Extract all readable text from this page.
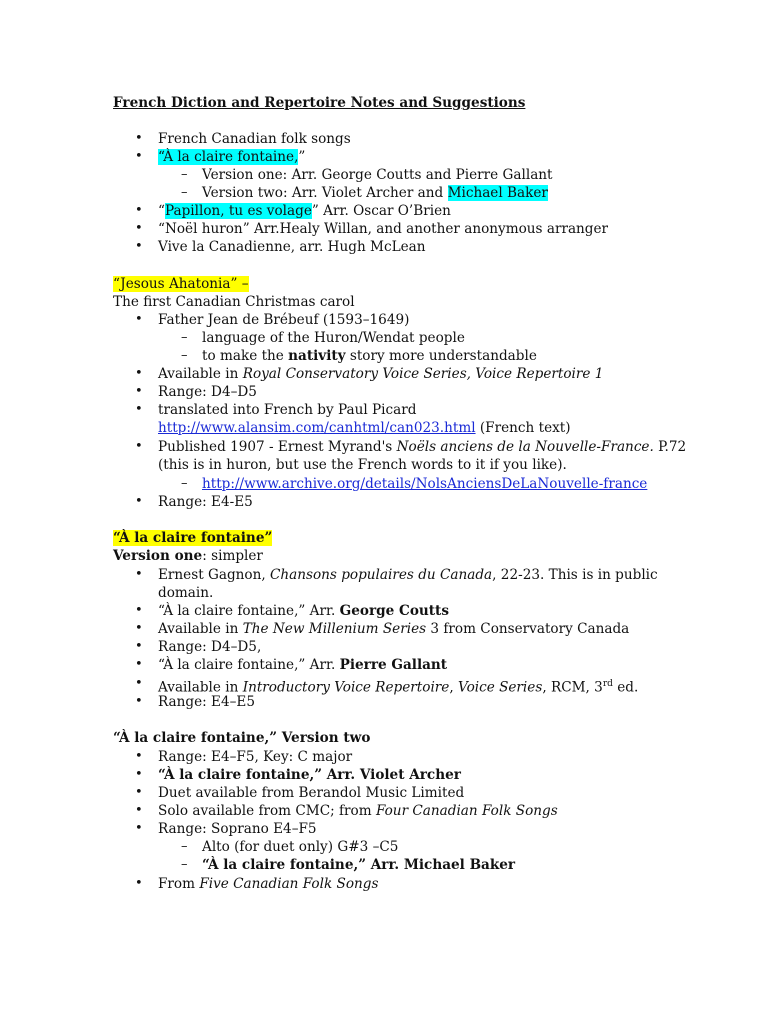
French Diction and Repertoire Notes and Suggestions
• French Canadian folk songs
• “À la claire fontaine,”
– Version one: Arr. George Coutts and Pierre Gallant
– Version two: Arr. Violet Archer and Michael Baker
• “Papillon, tu es volage” Arr. Oscar O’Brien
• “Noël huron” Arr.Healy Willan, and another anonymous arranger
• Vive la Canadienne, arr. Hugh McLean
“Jesous Ahatonia” –
The first Canadian Christmas carol
• Father Jean de Brébeuf (1593–1649)
– language of the Huron/Wendat people
– to make the nativity story more understandable
• Available in Royal Conservatory Voice Series, Voice Repertoire 1
• Range: D4–D5
• translated into French by Paul Picard
http://www.alansim.com/canhtml/can023.html (French text)
• Published 1907 - Ernest Myrand's Noëls anciens de la Nouvelle-France. P.72
(this is in huron, but use the French words to it if you like).
– http://www.archive.org/details/NolsAnciensDeLaNouvelle-france
• Range: E4-E5
“À la claire fontaine”
Version one: simpler
• Ernest Gagnon, Chansons populaires du Canada, 22-23. This is in public
domain.
• “À la claire fontaine,” Arr. George Coutts
• Available in The New Millenium Series 3 from Conservatory Canada
• Range: D4–D5,
• “À la claire fontaine,” Arr. Pierre Gallant
• Available in Introductory Voice Repertoire, Voice Series, RCM, 3rd ed.
• Range: E4–E5
“À la claire fontaine,” Version two
• Range: E4–F5, Key: C major
• “À la claire fontaine,” Arr. Violet Archer
• Duet available from Berandol Music Limited
• Solo available from CMC; from Four Canadian Folk Songs
• Range: Soprano E4–F5
– Alto (for duet only) G#3 –C5
– “À la claire fontaine,” Arr. Michael Baker
• From Five Canadian Folk Songs
